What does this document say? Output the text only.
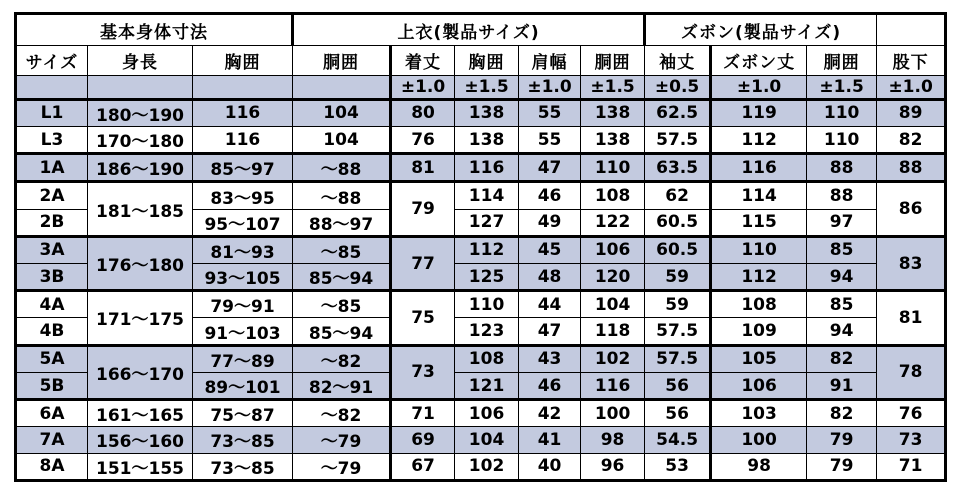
基本身体寸法			上衣(製品サイズ)					ズボン(製品サイズ)			
サイズ	身長	胸囲	胴囲	着丈	胸囲	肩幅	胴囲	袖丈	ズボン丈	胴囲	股下
				±1.0	±1.5	±1.0	±1.5	±0.5	±1.0	±1.5	±1.0
L1	180〜190	116	104	80	138	55	138	62.5	119	110	89
L3	170〜180	116	104	76	138	55	138	57.5	112	110	82
1A	186〜190	85〜97	〜88	81	116	47	110	63.5	116	88	88
2A	181〜185	83〜95	〜88	79	114	46	108	62	114	88	86
2B		95〜107	88〜97		127	49	122	60.5	115	97	
3A	176〜180	81〜93	〜85	77	112	45	106	60.5	110	85	83
3B		93〜105	85〜94		125	48	120	59	112	94	
4A	171〜175	79〜91	〜85	75	110	44	104	59	108	85	81
4B		91〜103	85〜94		123	47	118	57.5	109	94	
5A	166〜170	77〜89	〜82	73	108	43	102	57.5	105	82	78
5B		89〜101	82〜91		121	46	116	56	106	91	
6A	161〜165	75〜87	〜82	71	106	42	100	56	103	82	76
7A	156〜160	73〜85	〜79	69	104	41	98	54.5	100	79	73
8A	151〜155	73〜85	〜79	67	102	40	96	53	98	79	71
